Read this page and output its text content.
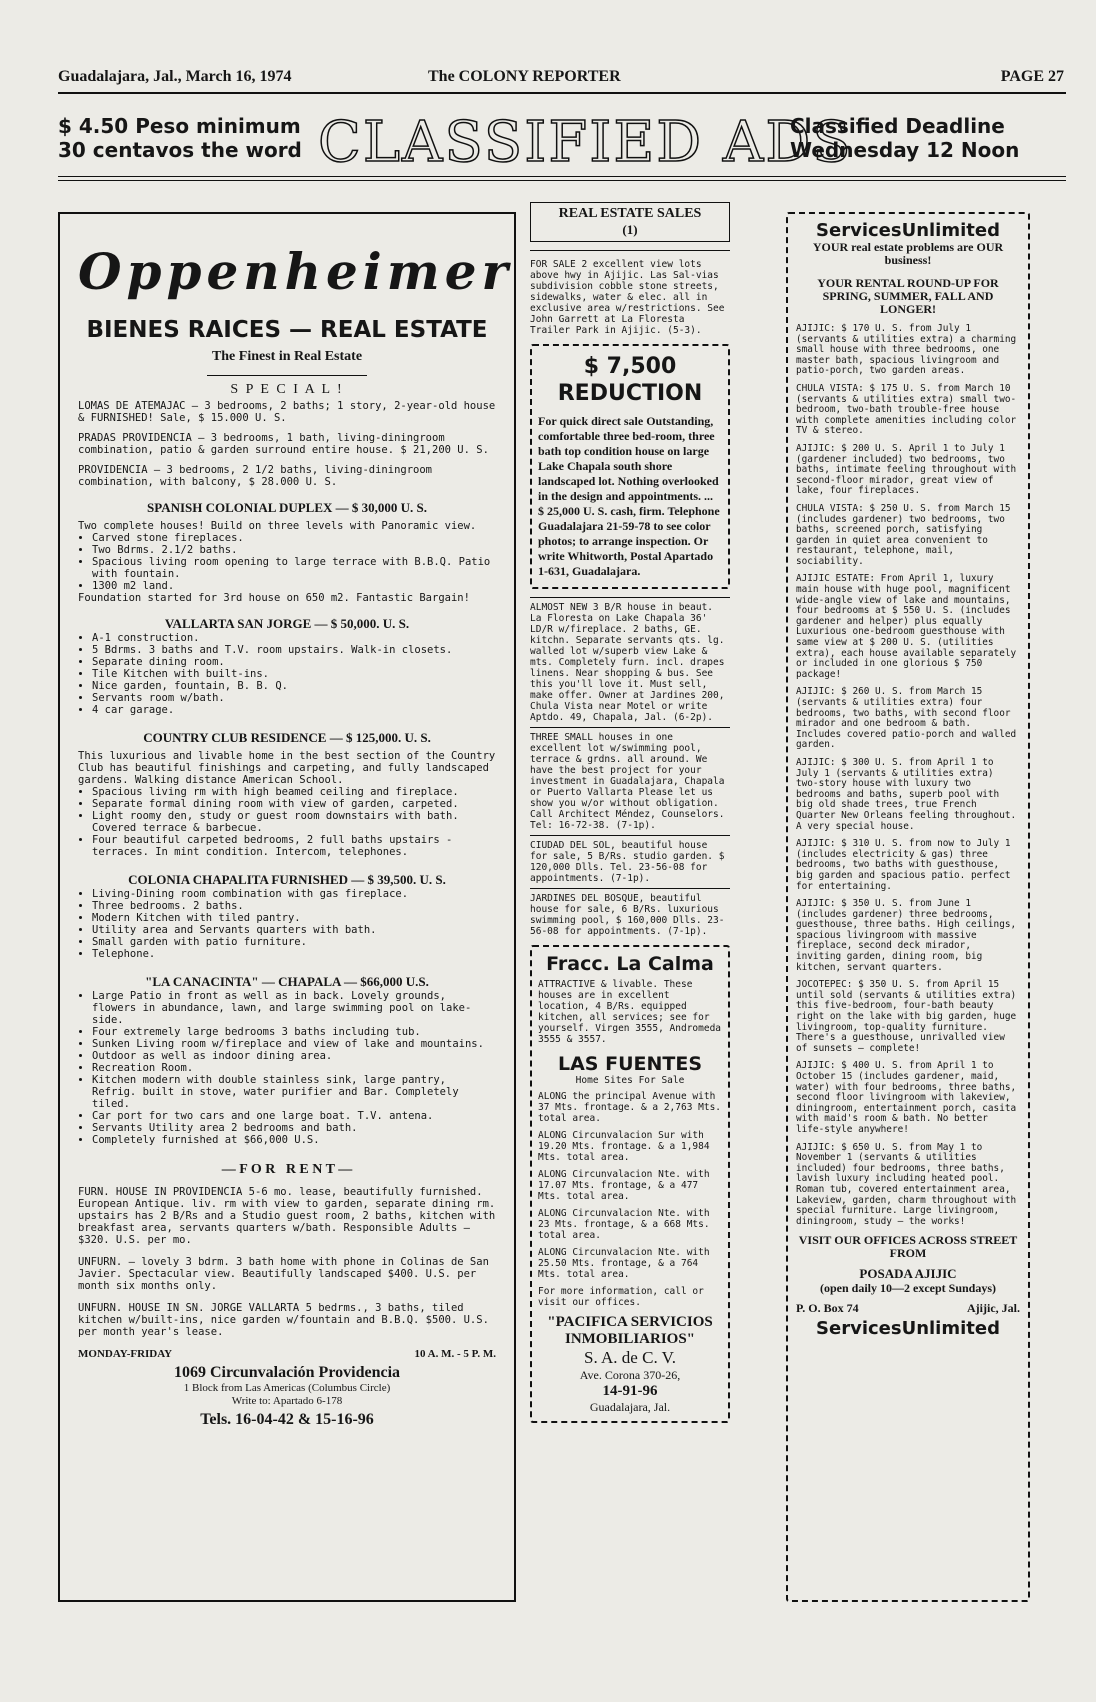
Guadalajara, Jal., March 16, 1974	The COLONY REPORTER	PAGE 27
$ 4.50 Peso minimum
30 centavos the word CLASSIFIED ADS
Classified Deadline
Wednesday 12 Noon
Oppenheimer
BIENES RAICES — REAL ESTATE
The Finest in Real Estate
S P E C I A L !

LOMAS DE ATEMAJAC — 3 bedrooms, 2 baths; 1 story, 2-year-old house & FURNISHED! Sale, $ 15.000 U. S.

PRADAS PROVIDENCIA — 3 bedrooms, 1 bath, living-diningroom combination, patio & garden surround entire house. $ 21,200 U. S.

PROVIDENCIA — 3 bedrooms, 2 1/2 baths, living-diningroom combination, with balcony, $ 28.000 U. S.

SPANISH COLONIAL DUPLEX — $ 30,000 U. S.

Two complete houses! Build on three levels with Panoramic view.

• Carved stone fireplaces.
• Two Bdrms. 2.1/2 baths.
• Spacious living room opening to large terrace with B.B.Q. Patio with fountain.
• 1300 m2 land.

Foundation started for 3rd house on 650 m2. Fantastic Bargain!

VALLARTA SAN JORGE — $ 50,000. U. S.

• A-1 construction.
• 5 Bdrms. 3 baths and T.V. room upstairs. Walk-in closets.
• Separate dining room.
• Tile Kitchen with built-ins.
• Nice garden, fountain, B. B. Q.
• Servants room w/bath.
• 4 car garage.

COUNTRY CLUB RESIDENCE — $ 125,000. U. S.

This luxurious and livable home in the best section of the Country Club has beautiful finishings and carpeting, and fully landscaped gardens. Walking distance American School.

• Spacious living rm with high beamed ceiling and fireplace.
• Separate formal dining room with view of garden, carpeted.
• Light roomy den, study or guest room downstairs with bath. Covered terrace & barbecue.
• Four beautiful carpeted bedrooms, 2 full baths upstairs - terraces. In mint condition. Intercom, telephones.

COLONIA CHAPALITA FURNISHED — $ 39,500. U. S.

• Living-Dining room combination with gas fireplace.
• Three bedrooms. 2 baths.
• Modern Kitchen with tiled pantry.
• Utility area and Servants quarters with bath.
• Small garden with patio furniture.
• Telephone.

"LA CANACINTA" — CHAPALA — $66,000 U.S.

• Large Patio in front as well as in back. Lovely grounds, flowers in abundance, lawn, and large swimming pool on lake-side.
• Four extremely large bedrooms 3 baths including tub.
• Sunken Living room w/fireplace and view of lake and mountains.
• Outdoor as well as indoor dining area.
• Recreation Room.
• Kitchen modern with double stainless sink, large pantry, Refrig. built in stove, water purifier and Bar. Completely tiled.
• Car port for two cars and one large boat. T.V. antena.
• Servants Utility area 2 bedrooms and bath.
• Completely furnished at $66,000 U.S.

— F O R   R E N T —

FURN. HOUSE IN PROVIDENCIA 5-6 mo. lease, beautifully furnished. European Antique. liv. rm with view to garden, separate dining rm. upstairs has 2 B/Rs and a Studio guest room, 2 baths, kitchen with breakfast area, servants quarters w/bath. Responsible Adults — $320. U.S. per mo.

UNFURN. — lovely 3 bdrm. 3 bath home with phone in Colinas de San Javier. Spectacular view. Beautifully landscaped $400. U.S. per month six months only.

UNFURN. HOUSE IN SN. JORGE VALLARTA 5 bedrms., 3 baths, tiled kitchen w/built-ins, nice garden w/fountain and B.B.Q. $500. U.S. per month year's lease.

MONDAY-FRIDAY	10 A. M. - 5 P. M.

1069 Circunvalación Providencia

1 Block from Las Americas (Columbus Circle)

Write to: Apartado 6-178

Tels. 16-04-42 & 15-16-96

REAL ESTATE SALES
(1)

FOR SALE 2 excellent view lots above hwy in Ajijic. Las Sal-vias subdivision cobble stone streets, sidewalks, water & elec. all in exclusive area w/restrictions. See John Garrett at La Floresta Trailer Park in Ajijic. (5-3).

$ 7,500
REDUCTION

For quick direct sale Outstanding, comfortable three bed-room, three bath top condition house on large Lake Chapala south shore landscaped lot. Nothing overlooked in the design and appointments. ... $ 25,000 U. S. cash, firm. Telephone Guadalajara 21-59-78 to see color photos; to arrange inspection. Or write Whitworth, Postal Apartado 1-631, Guadalajara.

ALMOST NEW 3 B/R house in beaut. La Floresta on Lake Chapala 36' LD/R w/fireplace. 2 baths, GE. kitchn. Separate servants qts. lg. walled lot w/superb view Lake & mts. Completely furn. incl. drapes linens. Near shopping & bus. See this you'll love it. Must sell, make offer. Owner at Jardines 200, Chula Vista near Motel or write Aptdo. 49, Chapala, Jal. (6-2p).

THREE SMALL houses in one excellent lot w/swimming pool, terrace & grdns. all around. We have the best project for your investment in Guadalajara, Chapala or Puerto Vallarta Please let us show you w/or without obligation. Call Architect Méndez, Counselors. Tel: 16-72-38. (7-1p).

CIUDAD DEL SOL, beautiful house for sale, 5 B/Rs. studio garden. $ 120,000 Dlls. Tel. 23-56-08 for appointments. (7-1p).

JARDINES DEL BOSQUE, beautiful house for sale, 6 B/Rs. luxurious swimming pool, $ 160,000 Dlls. 23-56-08 for appointments. (7-1p).

Fracc. La Calma

ATTRACTIVE & livable. These houses are in excellent location, 4 B/Rs. equipped kitchen, all services; see for yourself. Virgen 3555, Andromeda 3555 & 3557.

LAS FUENTES
Home Sites For Sale

ALONG the principal Avenue with 37 Mts. frontage. & a 2,763 Mts. total area.

ALONG Circunvalacion Sur with 19.20 Mts. frontage. & a 1,984 Mts. total area.

ALONG Circunvalacion Nte. with 17.07 Mts. frontage, & a 477 Mts. total area.

ALONG Circunvalacion Nte. with 23 Mts. frontage, & a 668 Mts. total area.

ALONG Circunvalacion Nte. with 25.50 Mts. frontage, & a 764 Mts. total area.

For more information, call or visit our offices.

"PACIFICA SERVICIOS INMOBILIARIOS"
S. A. de C. V.
Ave. Corona 370-26,
14-91-96
Guadalajara, Jal.
ServicesUnlimited
YOUR real estate problems are OUR business!
YOUR RENTAL ROUND-UP FOR SPRING, SUMMER, FALL AND LONGER!

AJIJIC: $ 170 U. S. from July 1 (servants & utilities extra) a charming small house with three bedrooms, one master bath, spacious livingroom and patio-porch, two garden areas.

CHULA VISTA: $ 175 U. S. from March 10 (servants & utilities extra) small two-bedroom, two-bath trouble-free house with complete amenities including color TV & stereo.

AJIJIC: $ 200 U. S. April 1 to July 1 (gardener included) two bedrooms, two baths, intimate feeling throughout with second-floor mirador, great view of lake, four fireplaces.

CHULA VISTA: $ 250 U. S. from March 15 (includes gardener) two bedrooms, two baths, screened porch, satisfying garden in quiet area convenient to restaurant, telephone, mail, sociability.

AJIJIC ESTATE: From April 1, luxury main house with huge pool, magnificent wide-angle view of lake and mountains, four bedrooms at $ 550 U. S. (includes gardener and helper) plus equally Luxurious one-bedroom guesthouse with same view at $ 200 U. S. (utilities extra), each house available separately or included in one glorious $ 750 package!

AJIJIC: $ 260 U. S. from March 15 (servants & utilities extra) four bedrooms, two baths, with second floor mirador and one bedroom & bath. Includes covered patio-porch and walled garden.

AJIJIC: $ 300 U. S. from April 1 to July 1 (servants & utilities extra) two-story house with luxury two bedrooms and baths, superb pool with big old shade trees, true French Quarter New Orleans feeling throughout. A very special house.

AJIJIC: $ 310 U. S. from now to July 1 (includes electricity & gas) three bedrooms, two baths with guesthouse, big garden and spacious patio. perfect for entertaining.

AJIJIC: $ 350 U. S. from June 1 (includes gardener) three bedrooms, guesthouse, three baths. High ceilings, spacious livingroom with massive fireplace, second deck mirador, inviting garden, dining room, big kitchen, servant quarters.

JOCOTEPEC: $ 350 U. S. from April 15 until sold (servants & utilities extra) this five-bedroom, four-bath beauty right on the lake with big garden, huge livingroom, top-quality furniture. There's a guesthouse, unrivalled view of sunsets — complete!

AJIJIC: $ 400 U. S. from April 1 to October 15 (includes gardener, maid, water) with four bedrooms, three baths, second floor livingroom with lakeview, diningroom, entertainment porch, casita with maid's room & bath. No better life-style anywhere!

AJIJIC: $ 650 U. S. from May 1 to November 1 (servants & utilities included) four bedrooms, three baths, lavish luxury including heated pool. Roman tub, covered entertainment area, Lakeview, garden, charm throughout with special furniture. Large livingroom, diningroom, study — the works!

VISIT OUR OFFICES ACROSS STREET FROM
POSADA AJIJIC
(open daily 10—2 except Sundays)
P. O. Box 74	Ajijic, Jal.
ServicesUnlimited
